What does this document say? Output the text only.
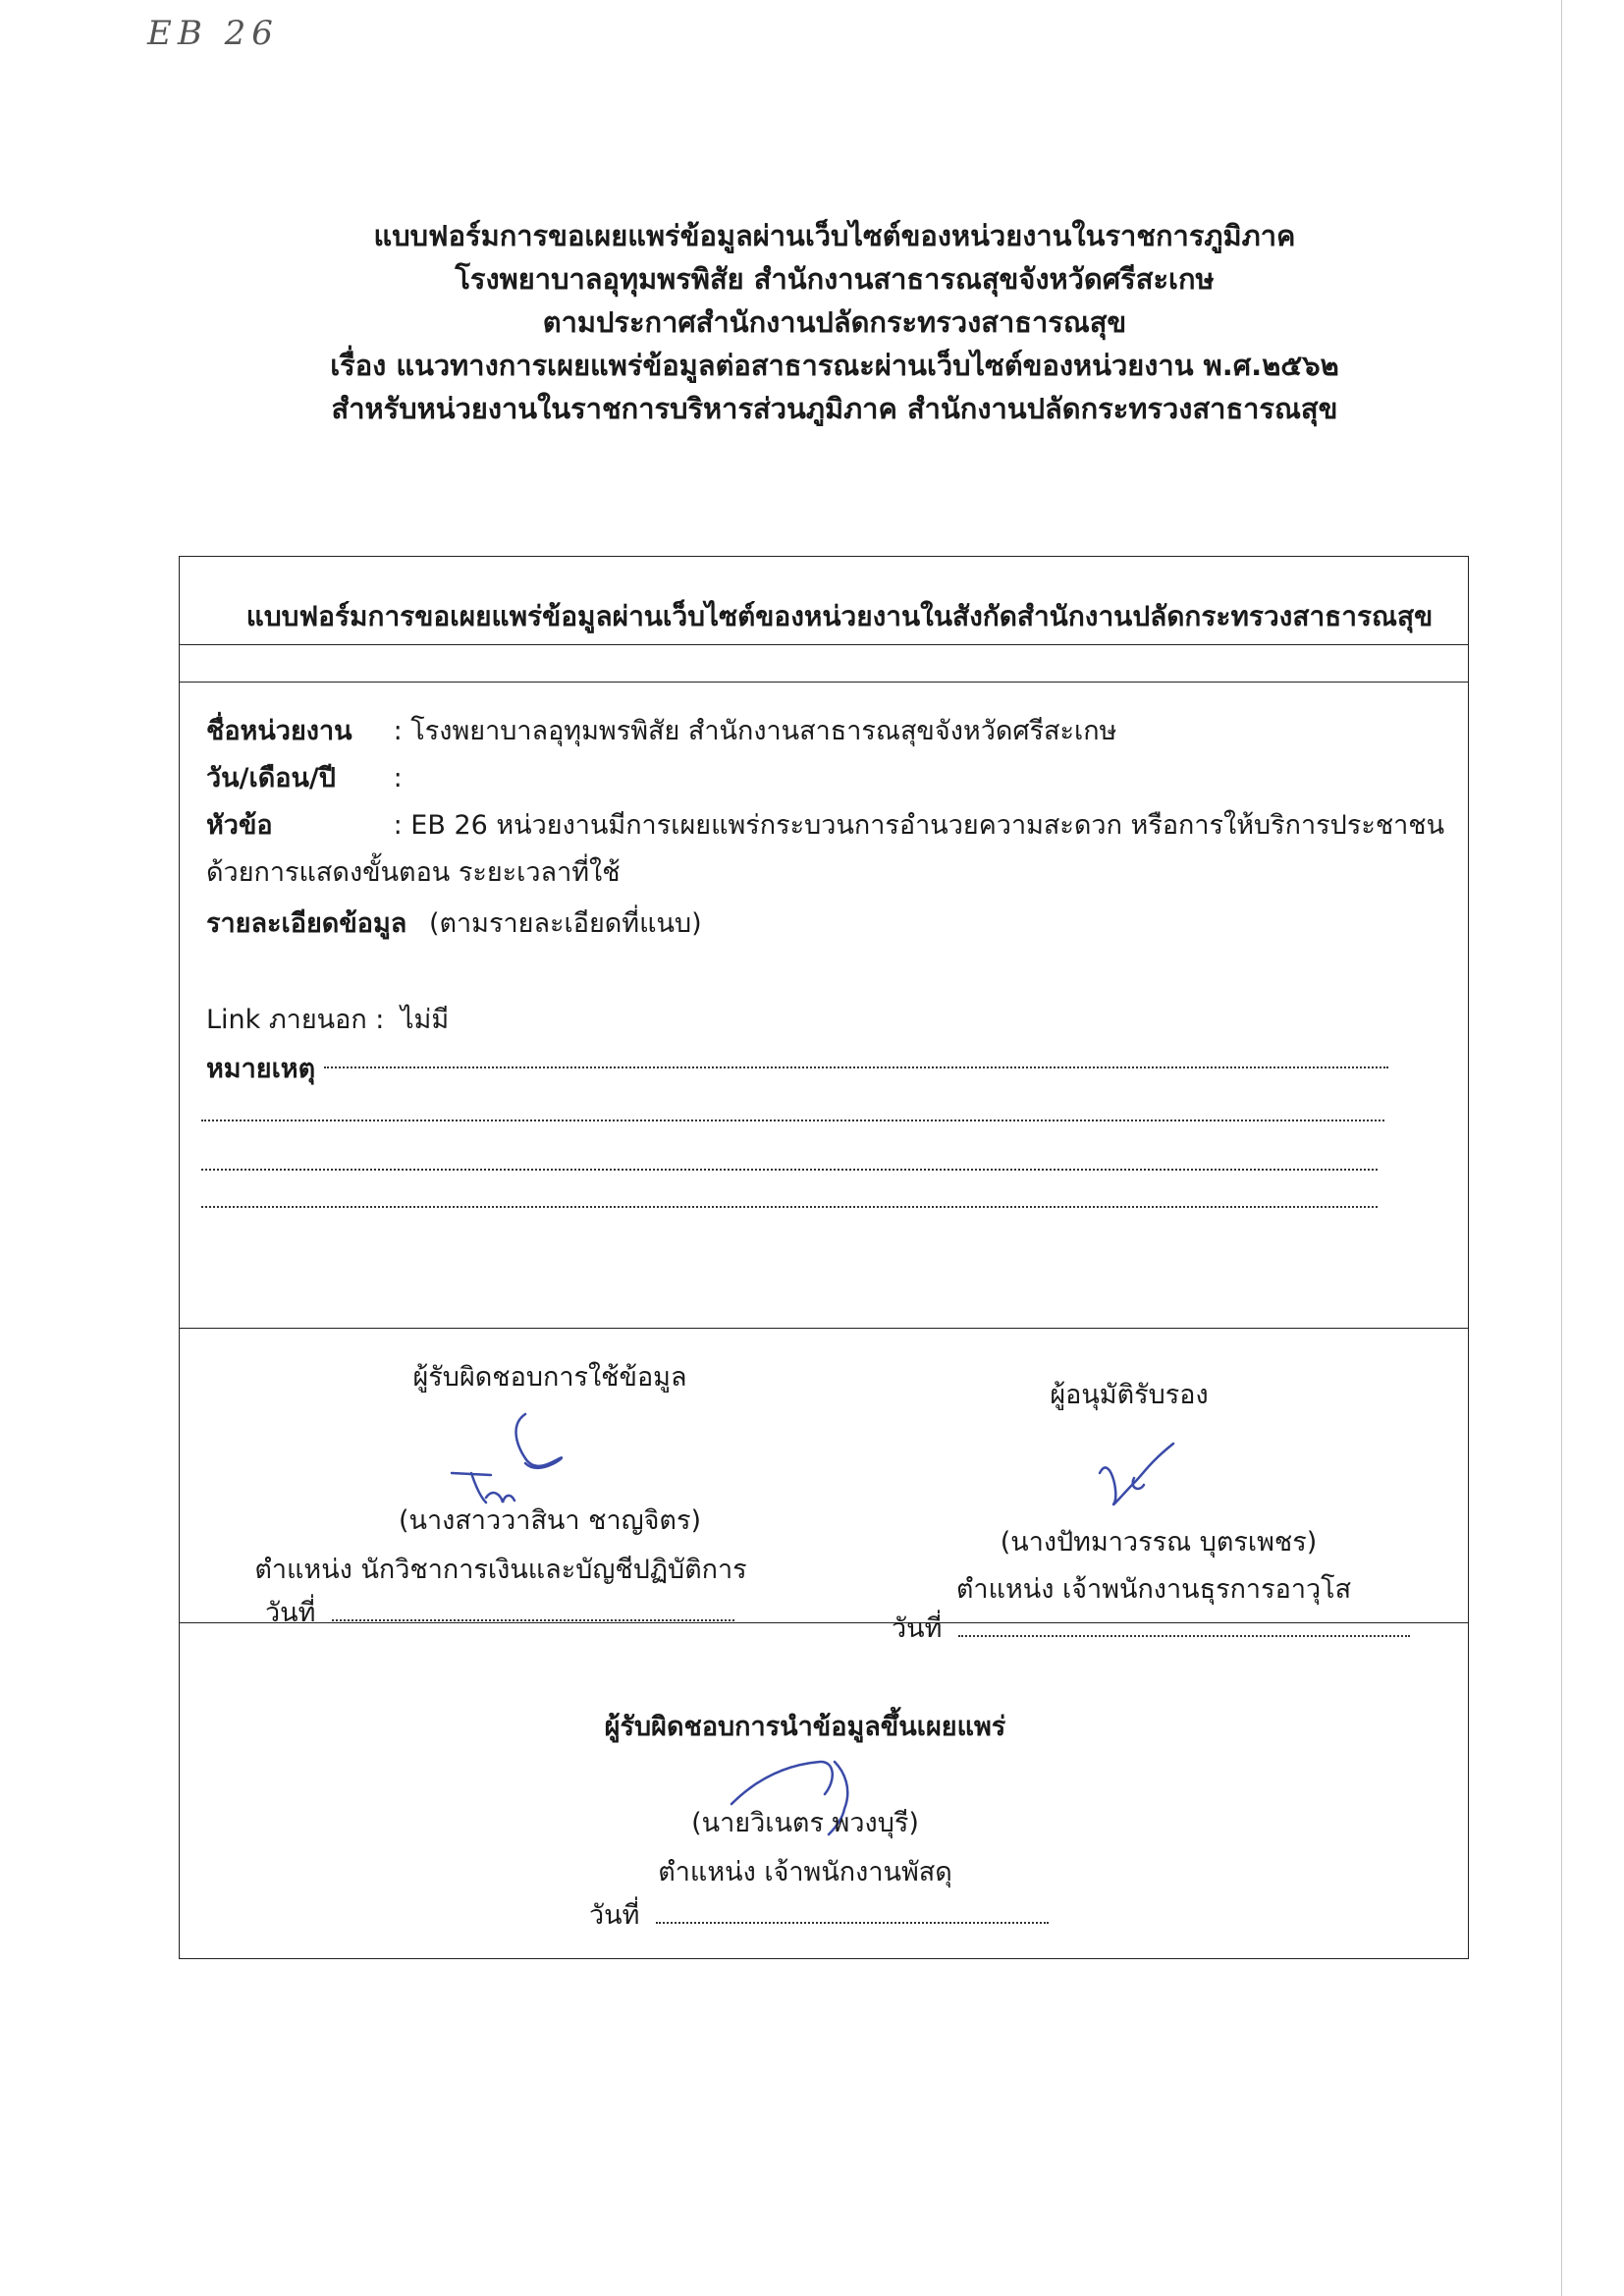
EB 26
แบบฟอร์มการขอเผยแพร่ข้อมูลผ่านเว็บไซต์ของหน่วยงานในราชการภูมิภาค
โรงพยาบาลอุทุมพรพิสัย สำนักงานสาธารณสุขจังหวัดศรีสะเกษ
ตามประกาศสำนักงานปลัดกระทรวงสาธารณสุข
เรื่อง แนวทางการเผยแพร่ข้อมูลต่อสาธารณะผ่านเว็บไซต์ของหน่วยงาน พ.ศ.๒๕๖๒
สำหรับหน่วยงานในราชการบริหารส่วนภูมิภาค สำนักงานปลัดกระทรวงสาธารณสุข
แบบฟอร์มการขอเผยแพร่ข้อมูลผ่านเว็บไซต์ของหน่วยงานในสังกัดสำนักงานปลัดกระทรวงสาธารณสุข
ชื่อหน่วยงาน : โรงพยาบาลอุทุมพรพิสัย สำนักงานสาธารณสุขจังหวัดศรีสะเกษ
วัน/เดือน/ปี :
หัวข้อ	: EB 26 หน่วยงานมีการเผยแพร่กระบวนการอำนวยความสะดวก หรือการให้บริการประชาชน
ด้วยการแสดงขั้นตอน ระยะเวลาที่ใช้
รายละเอียดข้อมูล (ตามรายละเอียดที่แนบ)
Link ภายนอก : ไม่มี
หมายเหตุ
ผู้รับผิดชอบการใช้ข้อมูล
(นางสาววาสินา ชาญจิตร)
ตำแหน่ง นักวิชาการเงินและบัญชีปฏิบัติการ
วันที่
ผู้อนุมัติรับรอง
(นางปัทมาวรรณ บุตรเพชร)
ตำแหน่ง เจ้าพนักงานธุรการอาวุโส
วันที่
ผู้รับผิดชอบการนำข้อมูลขึ้นเผยแพร่
(นายวิเนตร พวงบุรี)
ตำแหน่ง เจ้าพนักงานพัสดุ
วันที่
